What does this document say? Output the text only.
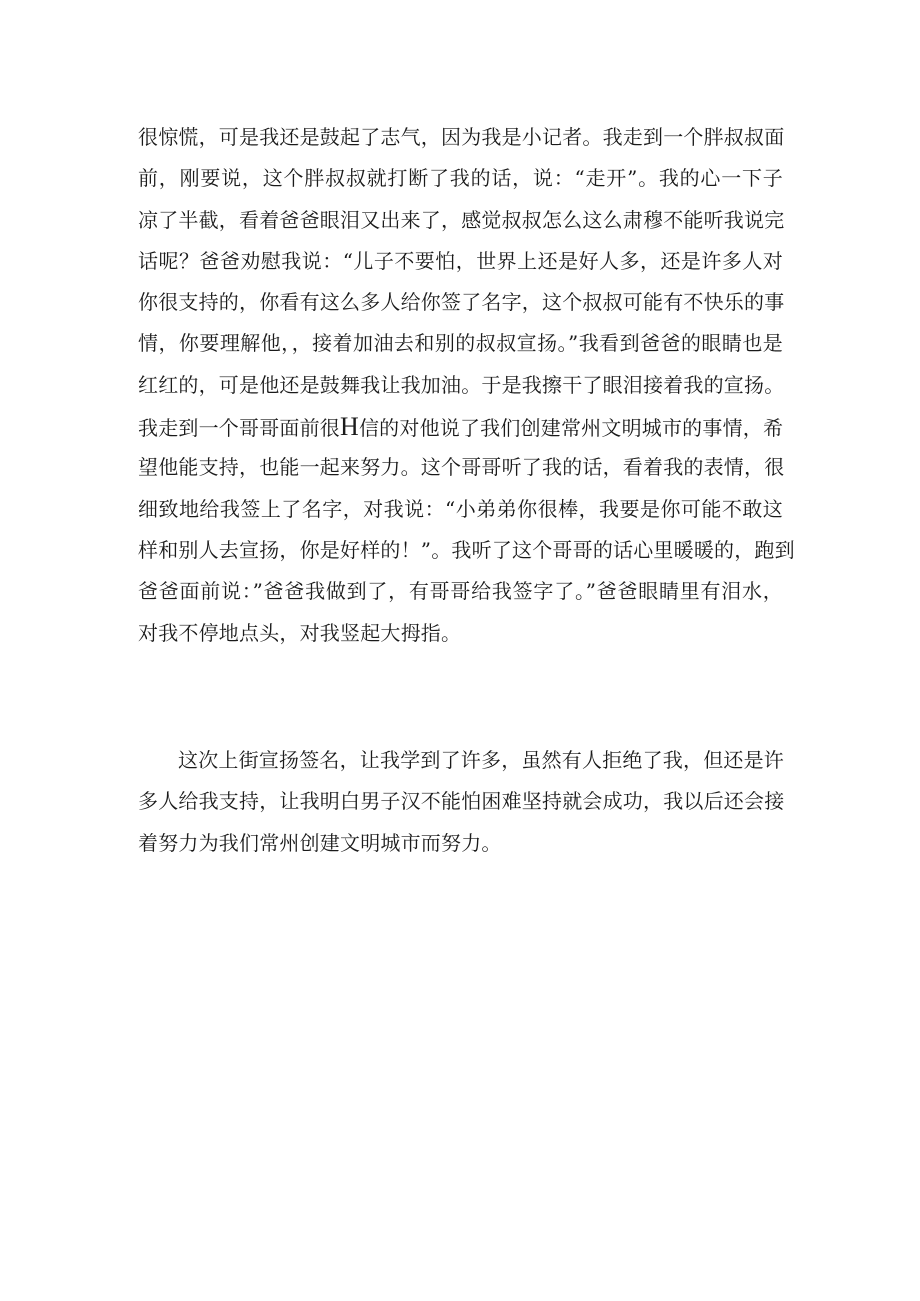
很惊慌，可是我还是鼓起了志气，因为我是小记者。我走到一个胖叔叔面
前，刚要说，这个胖叔叔就打断了我的话，说：“走开”。我的心一下子
凉了半截，看着爸爸眼泪又出来了，感觉叔叔怎么这么肃穆不能听我说完
话呢？爸爸劝慰我说：“儿子不要怕，世界上还是好人多，还是许多人对
你很支持的，你看有这么多人给你签了名字，这个叔叔可能有不快乐的事
情，你要理解他，，接着加油去和别的叔叔宣扬。”我看到爸爸的眼睛也是
红红的，可是他还是鼓舞我让我加油。于是我擦干了眼泪接着我的宣扬。
我走到一个哥哥面前很H信的对他说了我们创建常州文明城市的事情，希
望他能支持，也能一起来努力。这个哥哥听了我的话，看着我的表情，很
细致地给我签上了名字，对我说：“小弟弟你很棒，我要是你可能不敢这
样和别人去宣扬，你是好样的！”。我听了这个哥哥的话心里暖暖的，跑到
爸爸面前说：”爸爸我做到了，有哥哥给我签字了。”爸爸眼睛里有泪水，
对我不停地点头，对我竖起大拇指。
这次上街宣扬签名，让我学到了许多，虽然有人拒绝了我，但还是许
多人给我支持，让我明白男子汉不能怕困难坚持就会成功，我以后还会接
着努力为我们常州创建文明城市而努力。
